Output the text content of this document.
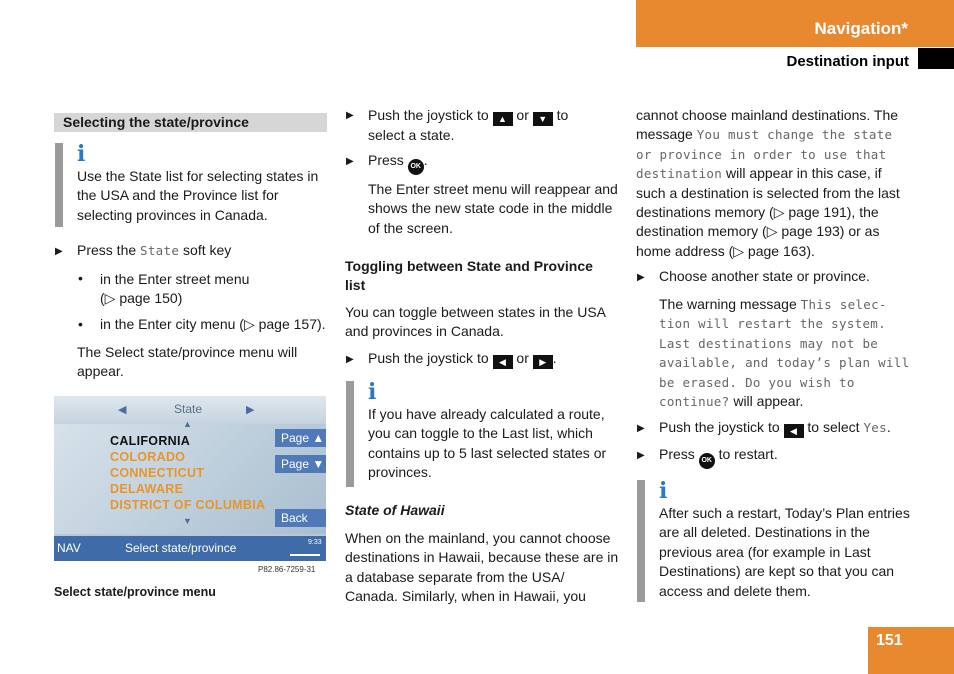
Navigation*
Destination input
Selecting the state/province
i
Use the State list for selecting states in the USA and the Province list for selecting provinces in Canada.
▶ Press the State soft key
• in the Enter street menu
(▷ page 150)
• in the Enter city menu (▷ page 157).
The Select state/province menu will appear.
◀	State	▶
▲
CALIFORNIA
COLORADO
CONNECTICUT
DELAWARE
DISTRICT OF COLUMBIA
▼
Page ▲
Page ▼
Back
NAV	Select state/province	9:33
P82.86-7259-31
Select state/province menu
▶ Push the joystick to ▲ or ▼ to
select a state.
▶ Press OK .
The Enter street menu will reappear and shows the new state code in the middle of the screen.
Toggling between State and Province list
You can toggle between states in the USA and provinces in Canada.
▶ Push the joystick to ◀ or ▶ .
i
If you have already calculated a route, you can toggle to the Last list, which contains up to 5 last selected states or provinces.
State of Hawaii
When on the mainland, you cannot choose destinations in Hawaii, because these are in a database separate from the USA/ Canada. Similarly, when in Hawaii, you
cannot choose mainland destinations. The message You must change the state or province in order to use that destination will appear in this case, if such a destination is selected from the last destinations memory (▷ page 191), the destination memory (▷ page 193) or as home address (▷ page 163).
▶ Choose another state or province.
The warning message This selec- tion will restart the system. Last destinations may not be available, and today’s plan will be erased. Do you wish to continue? will appear.
▶ Push the joystick to ◀ to select Yes.
▶ Press OK to restart.
i
After such a restart, Today’s Plan entries are all deleted. Destinations in the previous area (for example in Last Destinations) are kept so that you can access and delete them.
151
